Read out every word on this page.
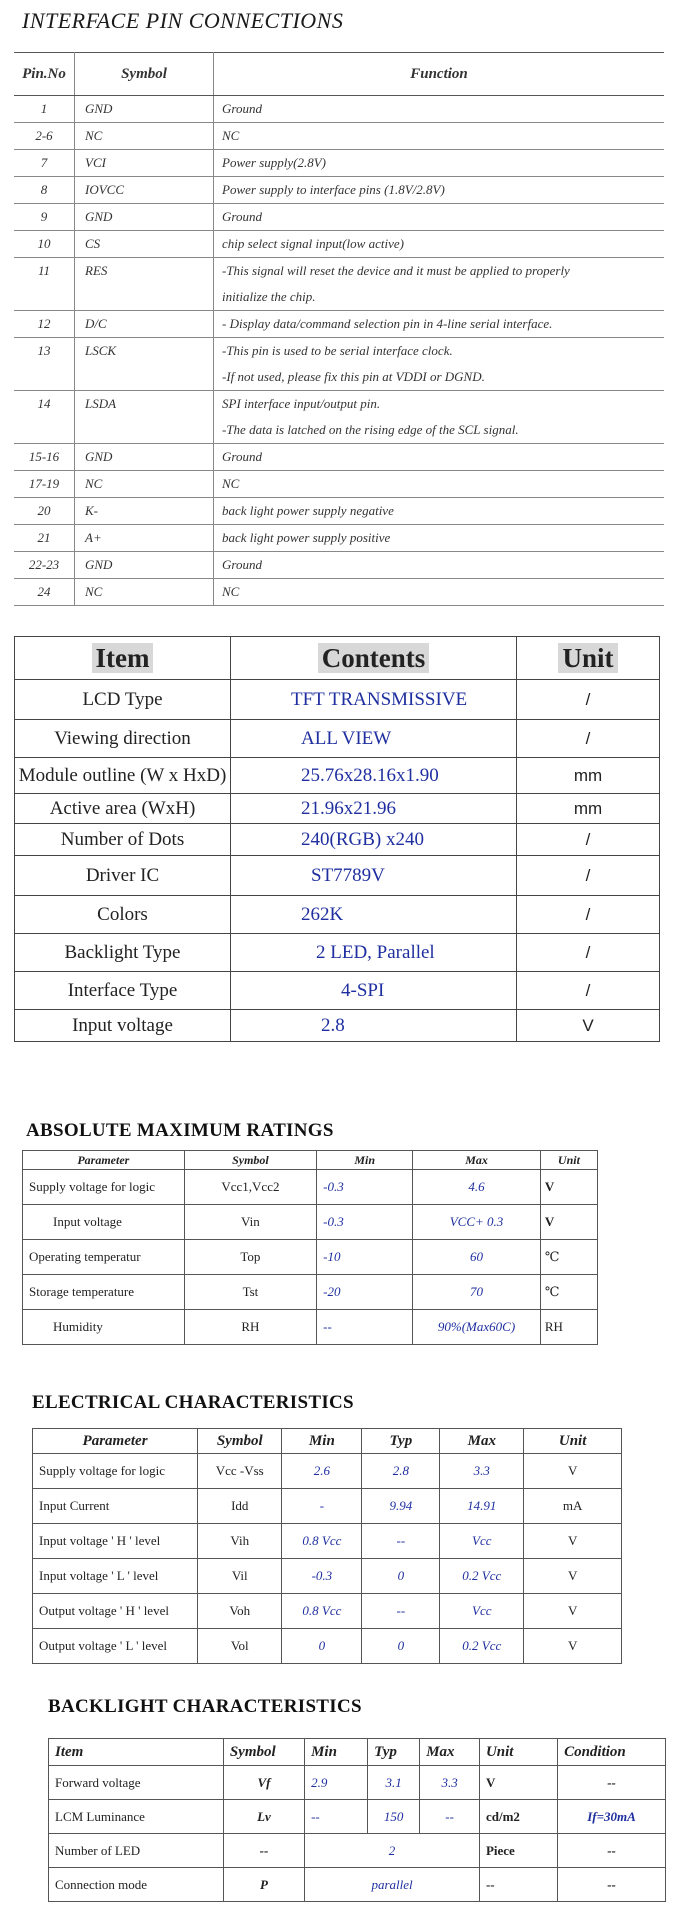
INTERFACE PIN CONNECTIONS
Pin.No	Symbol	Function
1	GND	Ground

2-6	NC	NC

7	VCI	Power supply(2.8V)

8	IOVCC	Power supply to interface pins (1.8V/2.8V)

9	GND	Ground

10	CS	chip select signal input(low active)

11	RES	-This signal will reset the device and it must be applied to properly
initialize the chip.

12	D/C	- Display data/command selection pin in 4-line serial interface.

13	LSCK	-This pin is used to be serial interface clock.
-If not used, please fix this pin at VDDI or DGND.

14	LSDA	SPI interface input/output pin.
-The data is latched on the rising edge of the SCL signal.

15-16	GND	Ground

17-19	NC	NC

20	K-	back light power supply negative

21	A+	back light power supply positive

22-23	GND	Ground

24	NC	NC
Item	Contents	Unit
LCD Type	TFT TRANSMISSIVE	/
Viewing direction	ALL VIEW	/
Module outline (W x HxD)	25.76x28.16x1.90	mm
Active area (WxH)	21.96x21.96	mm
Number of Dots	240(RGB) x240	/
Driver IC	ST7789V	/
Colors	262K	/
Backlight Type	2 LED, Parallel	/
Interface Type	4-SPI	/
Input voltage	2.8	V
ABSOLUTE MAXIMUM RATINGS
Parameter	Symbol	Min	Max	Unit
Supply voltage for logic	Vcc1,Vcc2	-0.3	4.6	V
Input voltage	Vin	-0.3	VCC+ 0.3	V
Operating temperatur	Top	-10	60	℃
Storage temperature	Tst	-20	70	℃
Humidity	RH	--	90%(Max60C)	RH
ELECTRICAL CHARACTERISTICS
Parameter	Symbol	Min	Typ	Max	Unit
Supply voltage for logic	Vcc -Vss	2.6	2.8	3.3	V
Input Current	Idd	-	9.94	14.91	mA
Input voltage ' H ' level	Vih	0.8 Vcc	--	Vcc	V
Input voltage ' L ' level	Vil	-0.3	0	0.2 Vcc	V
Output voltage ' H ' level	Voh	0.8 Vcc	--	Vcc	V
Output voltage ' L ' level	Vol	0	0	0.2 Vcc	V
BACKLIGHT CHARACTERISTICS
Item	Symbol	Min	Typ	Max	Unit	Condition
Forward voltage	Vf	2.9	3.1	3.3	V	--
LCM Luminance	Lv	--	150	--	cd/m2	If=30mA
Number of LED	--	2			Piece	--
Connection mode	P	parallel			--	--
